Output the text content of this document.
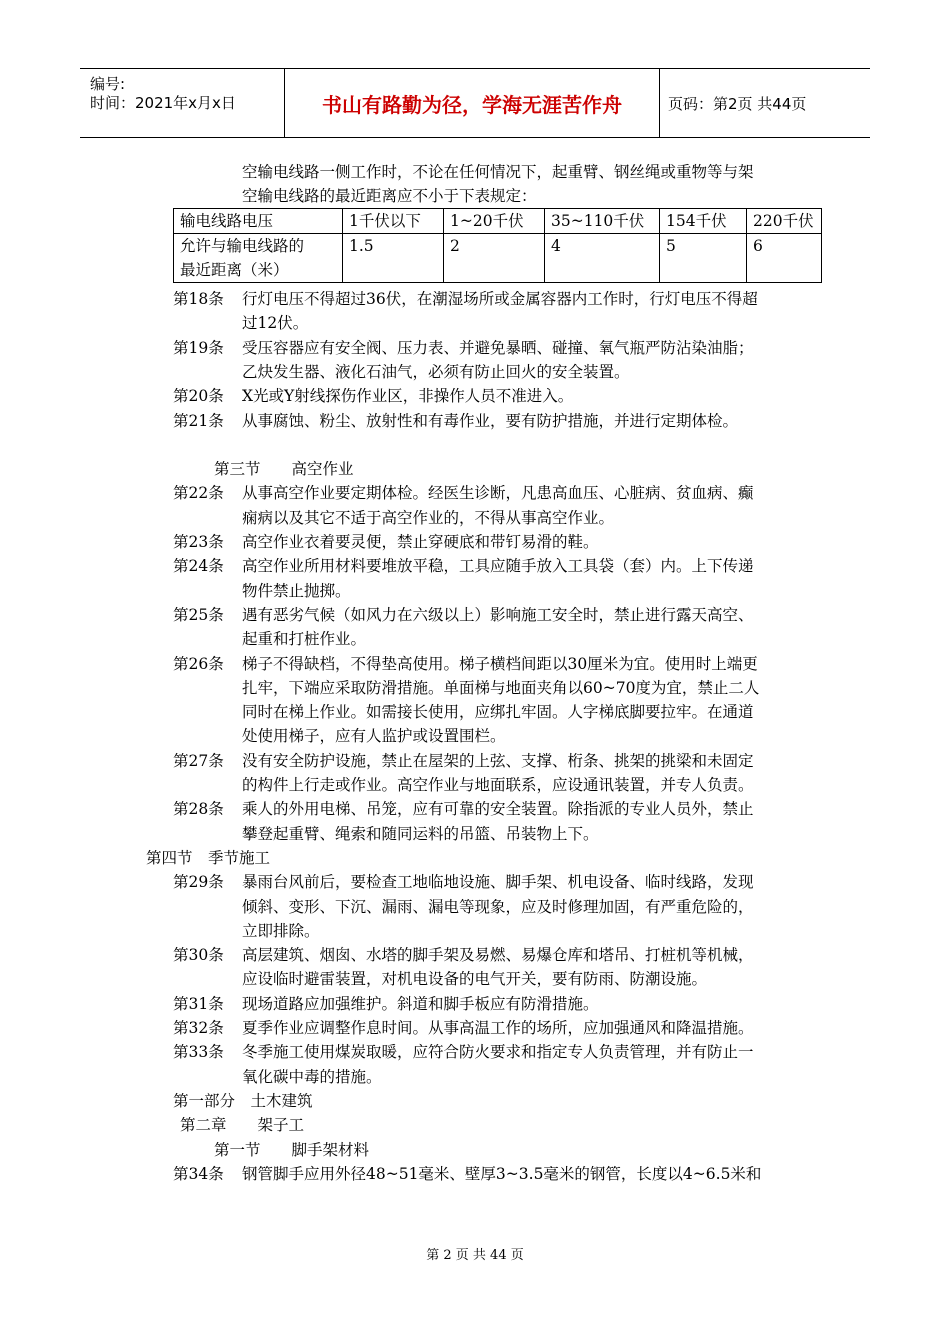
编号:
时间：2021年x月x日	书山有路勤为径，学海无涯苦作舟	页码：第2页 共44页
空输电线路一侧工作时，不论在任何情况下，起重臂、钢丝绳或重物等与架
空输电线路的最近距离应不小于下表规定：
输电线路电压	1千伏以下	1~20千伏	35~110千伏	154千伏	220千伏

允许与输电线路的
最近距离（米）	1.5	2	4	5	6
第18条 行灯电压不得超过36伏，在潮湿场所或金属容器内工作时，行灯电压不得超
过12伏。
第19条 受压容器应有安全阀、压力表、并避免暴晒、碰撞、氧气瓶严防沾染油脂；
乙炔发生器、液化石油气，必须有防止回火的安全装置。
第20条 X光或Y射线探伤作业区，非操作人员不准进入。
第21条 从事腐蚀、粉尘、放射性和有毒作业，要有防护措施，并进行定期体检。
第三节　　高空作业
第22条 从事高空作业要定期体检。经医生诊断，凡患高血压、心脏病、贫血病、癫
痫病以及其它不适于高空作业的，不得从事高空作业。
第23条 高空作业衣着要灵便，禁止穿硬底和带钉易滑的鞋。
第24条 高空作业所用材料要堆放平稳，工具应随手放入工具袋（套）内。上下传递
物件禁止抛掷。
第25条 遇有恶劣气候（如风力在六级以上）影响施工安全时，禁止进行露天高空、
起重和打桩作业。
第26条 梯子不得缺档，不得垫高使用。梯子横档间距以30厘米为宜。使用时上端更
扎牢，下端应采取防滑措施。单面梯与地面夹角以60~70度为宜，禁止二人
同时在梯上作业。如需接长使用，应绑扎牢固。人字梯底脚要拉牢。在通道
处使用梯子，应有人监护或设置围栏。
第27条 没有安全防护设施，禁止在屋架的上弦、支撑、桁条、挑架的挑梁和未固定
的构件上行走或作业。高空作业与地面联系，应设通讯装置，并专人负责。
第28条 乘人的外用电梯、吊笼，应有可靠的安全装置。除指派的专业人员外，禁止
攀登起重臂、绳索和随同运料的吊篮、吊装物上下。
第四节　季节施工
第29条 暴雨台风前后，要检查工地临地设施、脚手架、机电设备、临时线路，发现
倾斜、变形、下沉、漏雨、漏电等现象，应及时修理加固，有严重危险的，
立即排除。
第30条 高层建筑、烟囱、水塔的脚手架及易燃、易爆仓库和塔吊、打桩机等机械，
应设临时避雷装置，对机电设备的电气开关，要有防雨、防潮设施。
第31条 现场道路应加强维护。斜道和脚手板应有防滑措施。
第32条 夏季作业应调整作息时间。从事高温工作的场所，应加强通风和降温措施。
第33条 冬季施工使用煤炭取暖，应符合防火要求和指定专人负责管理，并有防止一
氧化碳中毒的措施。
第一部分　土木建筑
第二章　　架子工
第一节　　脚手架材料
第34条 钢管脚手应用外径48~51毫米、壁厚3~3.5毫米的钢管，长度以4~6.5米和
第 2 页 共 44 页
